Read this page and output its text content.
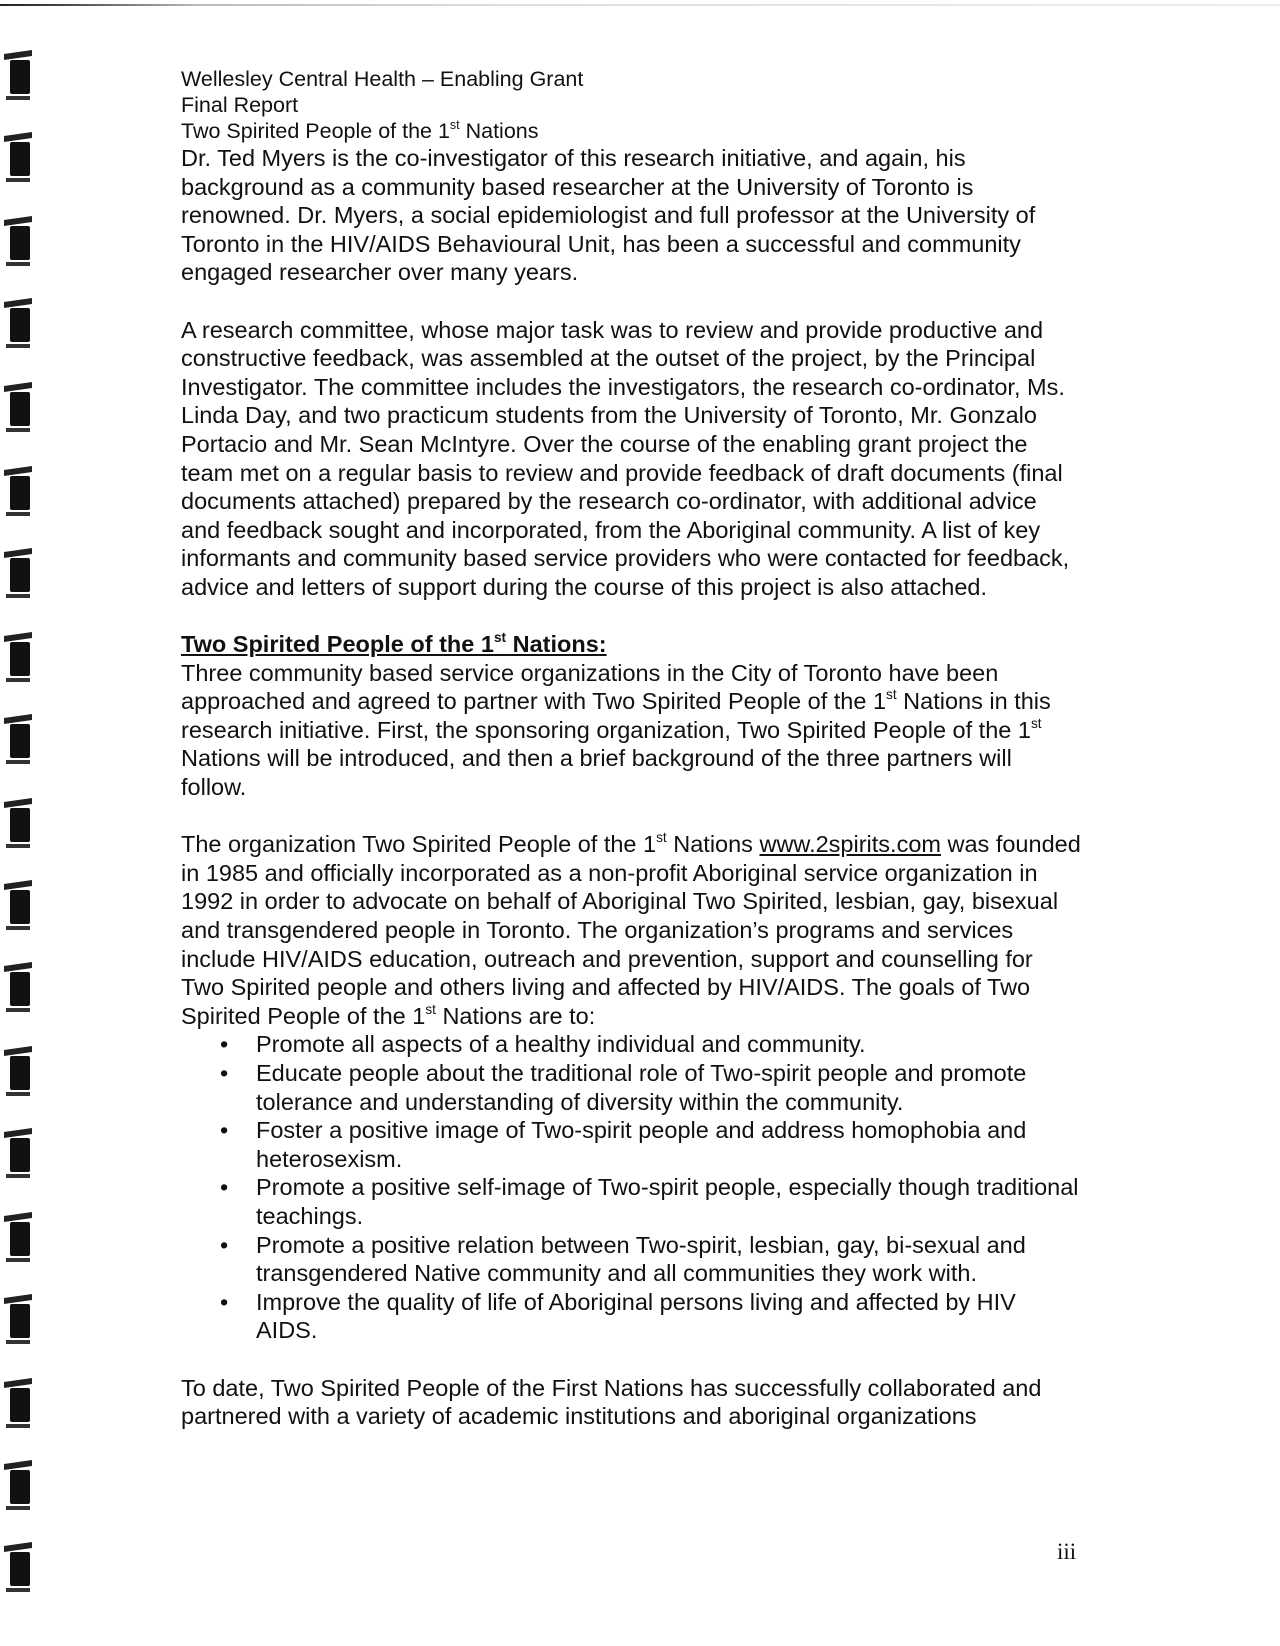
Wellesley Central Health – Enabling Grant
Final Report
Two Spirited People of the 1st Nations

Dr. Ted Myers is the co-investigator of this research initiative, and again, his background as a community based researcher at the University of Toronto is renowned. Dr. Myers, a social epidemiologist and full professor at the University of Toronto in the HIV/AIDS Behavioural Unit, has been a successful and community engaged researcher over many years.

A research committee, whose major task was to review and provide productive and constructive feedback, was assembled at the outset of the project, by the Principal Investigator. The committee includes the investigators, the research co-ordinator, Ms. Linda Day, and two practicum students from the University of Toronto, Mr. Gonzalo Portacio and Mr. Sean McIntyre. Over the course of the enabling grant project the team met on a regular basis to review and provide feedback of draft documents (final documents attached) prepared by the research co-ordinator, with additional advice and feedback sought and incorporated, from the Aboriginal community. A list of key informants and community based service providers who were contacted for feedback, advice and letters of support during the course of this project is also attached.

Two Spirited People of the 1st Nations:

Three community based service organizations in the City of Toronto have been approached and agreed to partner with Two Spirited People of the 1st Nations in this research initiative. First, the sponsoring organization, Two Spirited People of the 1st Nations will be introduced, and then a brief background of the three partners will follow.

The organization Two Spirited People of the 1st Nations www.2spirits.com was founded in 1985 and officially incorporated as a non-profit Aboriginal service organization in 1992 in order to advocate on behalf of Aboriginal Two Spirited, lesbian, gay, bisexual and transgendered people in Toronto. The organization’s programs and services include HIV/AIDS education, outreach and prevention, support and counselling for Two Spirited people and others living and affected by HIV/AIDS. The goals of Two Spirited People of the 1st Nations are to:

• Promote all aspects of a healthy individual and community.
• Educate people about the traditional role of Two-spirit people and promote tolerance and understanding of diversity within the community.
• Foster a positive image of Two-spirit people and address homophobia and heterosexism.
• Promote a positive self-image of Two-spirit people, especially though traditional teachings.
• Promote a positive relation between Two-spirit, lesbian, gay, bi-sexual and transgendered Native community and all communities they work with.
• Improve the quality of life of Aboriginal persons living and affected by HIV AIDS.

To date, Two Spirited People of the First Nations has successfully collaborated and partnered with a variety of academic institutions and aboriginal organizations

iii
